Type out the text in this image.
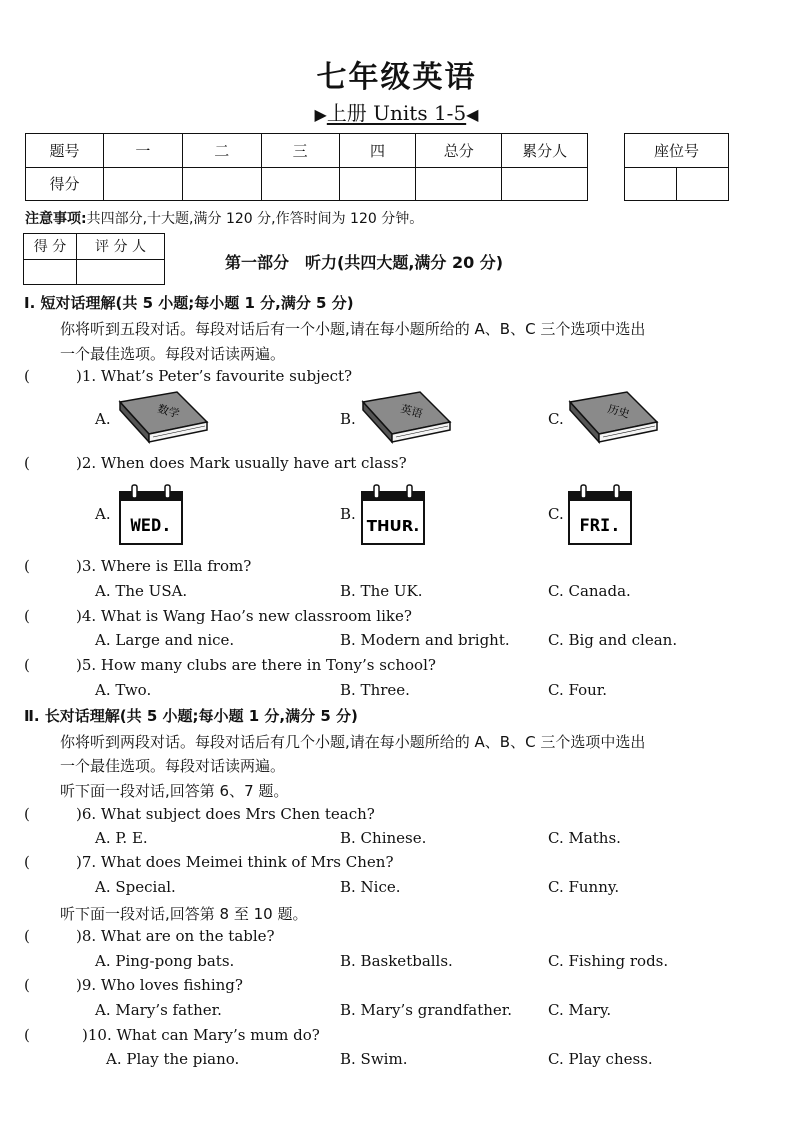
七年级英语
▶上册 Units 1-5◀
题号	一	二	三	四	总分	累分人
得分						
座位号

注意事项:共四部分,十大题,满分 120 分,作答时间为 120 分钟。
得 分	评 分 人

第一部分　听力(共四大题,满分 20 分)
Ⅰ. 短对话理解(共 5 小题;每小题 1 分,满分 5 分)
你将听到五段对话。每段对话后有一个小题,请在每小题所给的 A、B、C 三个选项中选出
一个最佳选项。每段对话读两遍。
(	)1. What’s Peter’s favourite subject?
A.	B.	C.
数学	英语	历史
(	)2. When does Mark usually have art class?
A.	B.	C.
WED.	THUR.	FRI.
(	)3. Where is Ella from?
A. The USA.	B. The UK.	C. Canada.
(	)4. What is Wang Hao’s new classroom like?
A. Large and nice.	B. Modern and bright.	C. Big and clean.
(	)5. How many clubs are there in Tony’s school?
A. Two.	B. Three.	C. Four.
Ⅱ. 长对话理解(共 5 小题;每小题 1 分,满分 5 分)
你将听到两段对话。每段对话后有几个小题,请在每小题所给的 A、B、C 三个选项中选出
一个最佳选项。每段对话读两遍。
听下面一段对话,回答第 6、7 题。
(	)6. What subject does Mrs Chen teach?
A. P. E.	B. Chinese.	C. Maths.
(	)7. What does Meimei think of Mrs Chen?
A. Special.	B. Nice.	C. Funny.
听下面一段对话,回答第 8 至 10 题。
(	)8. What are on the table?
A. Ping-pong bats.	B. Basketballs.	C. Fishing rods.
(	)9. Who loves fishing?
A. Mary’s father.	B. Mary’s grandfather. C. Mary.
(	)10. What can Mary’s mum do?
A. Play the piano.	B. Swim.	C. Play chess.
